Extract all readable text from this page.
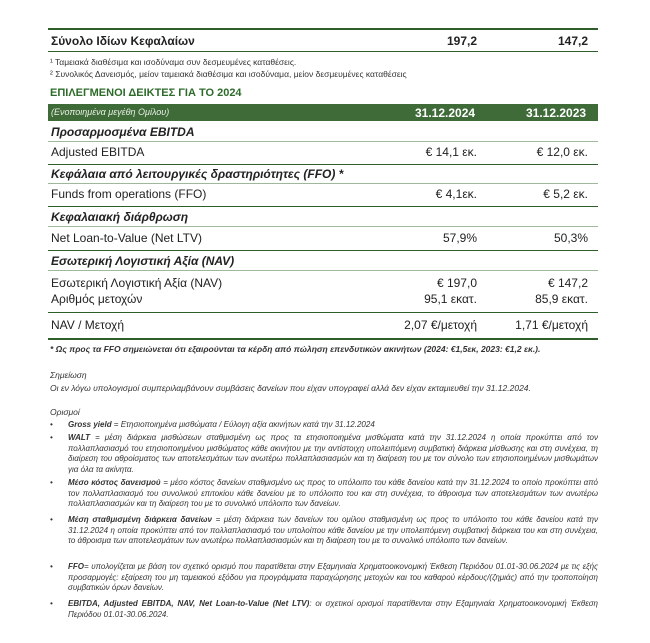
Σύνολο Ιδίων Κεφαλαίων	197,2	147,2
¹ Ταμειακά διαθέσιμα και ισοδύναμα συν δεσμευμένες καταθέσεις.
² Συνολικός Δανεισμός, μείον ταμειακά διαθέσιμα και ισοδύναμα, μείον δεσμευμένες καταθέσεις
ΕΠΙΛΕΓΜΕΝΟΙ ΔΕΙΚΤΕΣ ΓΙΑ ΤΟ 2024
(Ενοποιημένα μεγέθη Ομίλου)	31.12.2024	31.12.2023
Προσαρμοσμένα EBITDA
Adjusted EBITDA	€ 14,1 εκ.	€ 12,0 εκ.
Κεφάλαια από λειτουργικές δραστηριότητες (FFO) *
Funds from operations (FFO)	€ 4,1εκ.	€ 5,2 εκ.
Κεφαλαιακή διάρθρωση
Net Loan-to-Value (Net LTV)	57,9%	50,3%
Εσωτερική Λογιστική Αξία (NAV)
Εσωτερική Λογιστική Αξία (NAV)	€ 197,0	€ 147,2
Αριθμός μετοχών	95,1 εκατ.	85,9 εκατ.
NAV / Μετοχή	2,07 €/μετοχή	1,71 €/μετοχή
* Ως προς τα FFO σημειώνεται ότι εξαιρούνται τα κέρδη από πώληση επενδυτικών ακινήτων (2024: €1,5εκ, 2023: €1,2 εκ.).
Σημείωση
Οι εν λόγω υπολογισμοί συμπεριλαμβάνουν συμβάσεις δανείων που είχαν υπογραφεί αλλά δεν είχαν εκταμιευθεί την 31.12.2024.
Ορισμοί
• Gross yield = Ετησιοποιημένα μισθώματα / Εύλογη αξία ακινήτων κατά την 31.12.2024
• WALT = μέση διάρκεια μισθώσεων σταθμισμένη ως προς τα ετησιοποιημένα μισθώματα κατά την 31.12.2024 η οποία προκύπτει από τον πολλαπλασιασμό του ετησιοποιημένου μισθώματος κάθε ακινήτου με την αντίστοιχη υπολειπόμενη συμβατική διάρκεια μίσθωσης και στη συνέχεια, τη διαίρεση του αθροίσματος των αποτελεσμάτων των ανωτέρω πολλαπλασιασμών και τη διαίρεση του με τον σύνολο των ετησιοποιημένων μισθωμάτων για όλα τα ακίνητα.
• Μέσο κόστος δανεισμού = μέσο κόστος δανείων σταθμισμένο ως προς το υπόλοιπο του κάθε δανείου κατά την 31.12.2024 το οποίο προκύπτει από τον πολλαπλασιασμό του συνολικού επιτοκίου κάθε δανείου με το υπόλοιπο του και στη συνέχεια, το άθροισμα των αποτελεσμάτων των ανωτέρω πολλαπλασιασμών και τη διαίρεση του με το συνολικό υπόλοιπο των δανείων.
• Μέση σταθμισμένη διάρκεια δανείων = μέση διάρκεια των δανείων του ομίλου σταθμισμένη ως προς το υπόλοιπο του κάθε δανείου κατά την 31.12.2024 η οποία προκύπτει από τον πολλαπλασιασμό του υπολοίπου κάθε δανείου με την υπολειπόμενη συμβατική διάρκεια του και στη συνέχεια, το άθροισμα των αποτελεσμάτων των ανωτέρω πολλαπλασιασμών και τη διαίρεση του με το συνολικό υπόλοιπο των δανείων.
• FFO= υπολογίζεται με βάση τον σχετικό ορισμό που παρατίθεται στην Εξαμηνιαία Χρηματοοικονομική Έκθεση Περιόδου 01.01-30.06.2024 με τις εξής προσαρμογές: εξαίρεση του μη ταμειακού εξόδου για προγράμματα παραχώρησης μετοχών και του καθαρού κέρδους/(ζημιάς) από την τροποποίηση συμβατικών όρων δανείων.
• EBITDA, Adjusted EBITDA, NAV, Net Loan-to-Value (Net LTV): οι σχετικοί ορισμοί παρατίθενται στην Εξαμηνιαία Χρηματοοικονομική Έκθεση Περιόδου 01.01-30.06.2024.
